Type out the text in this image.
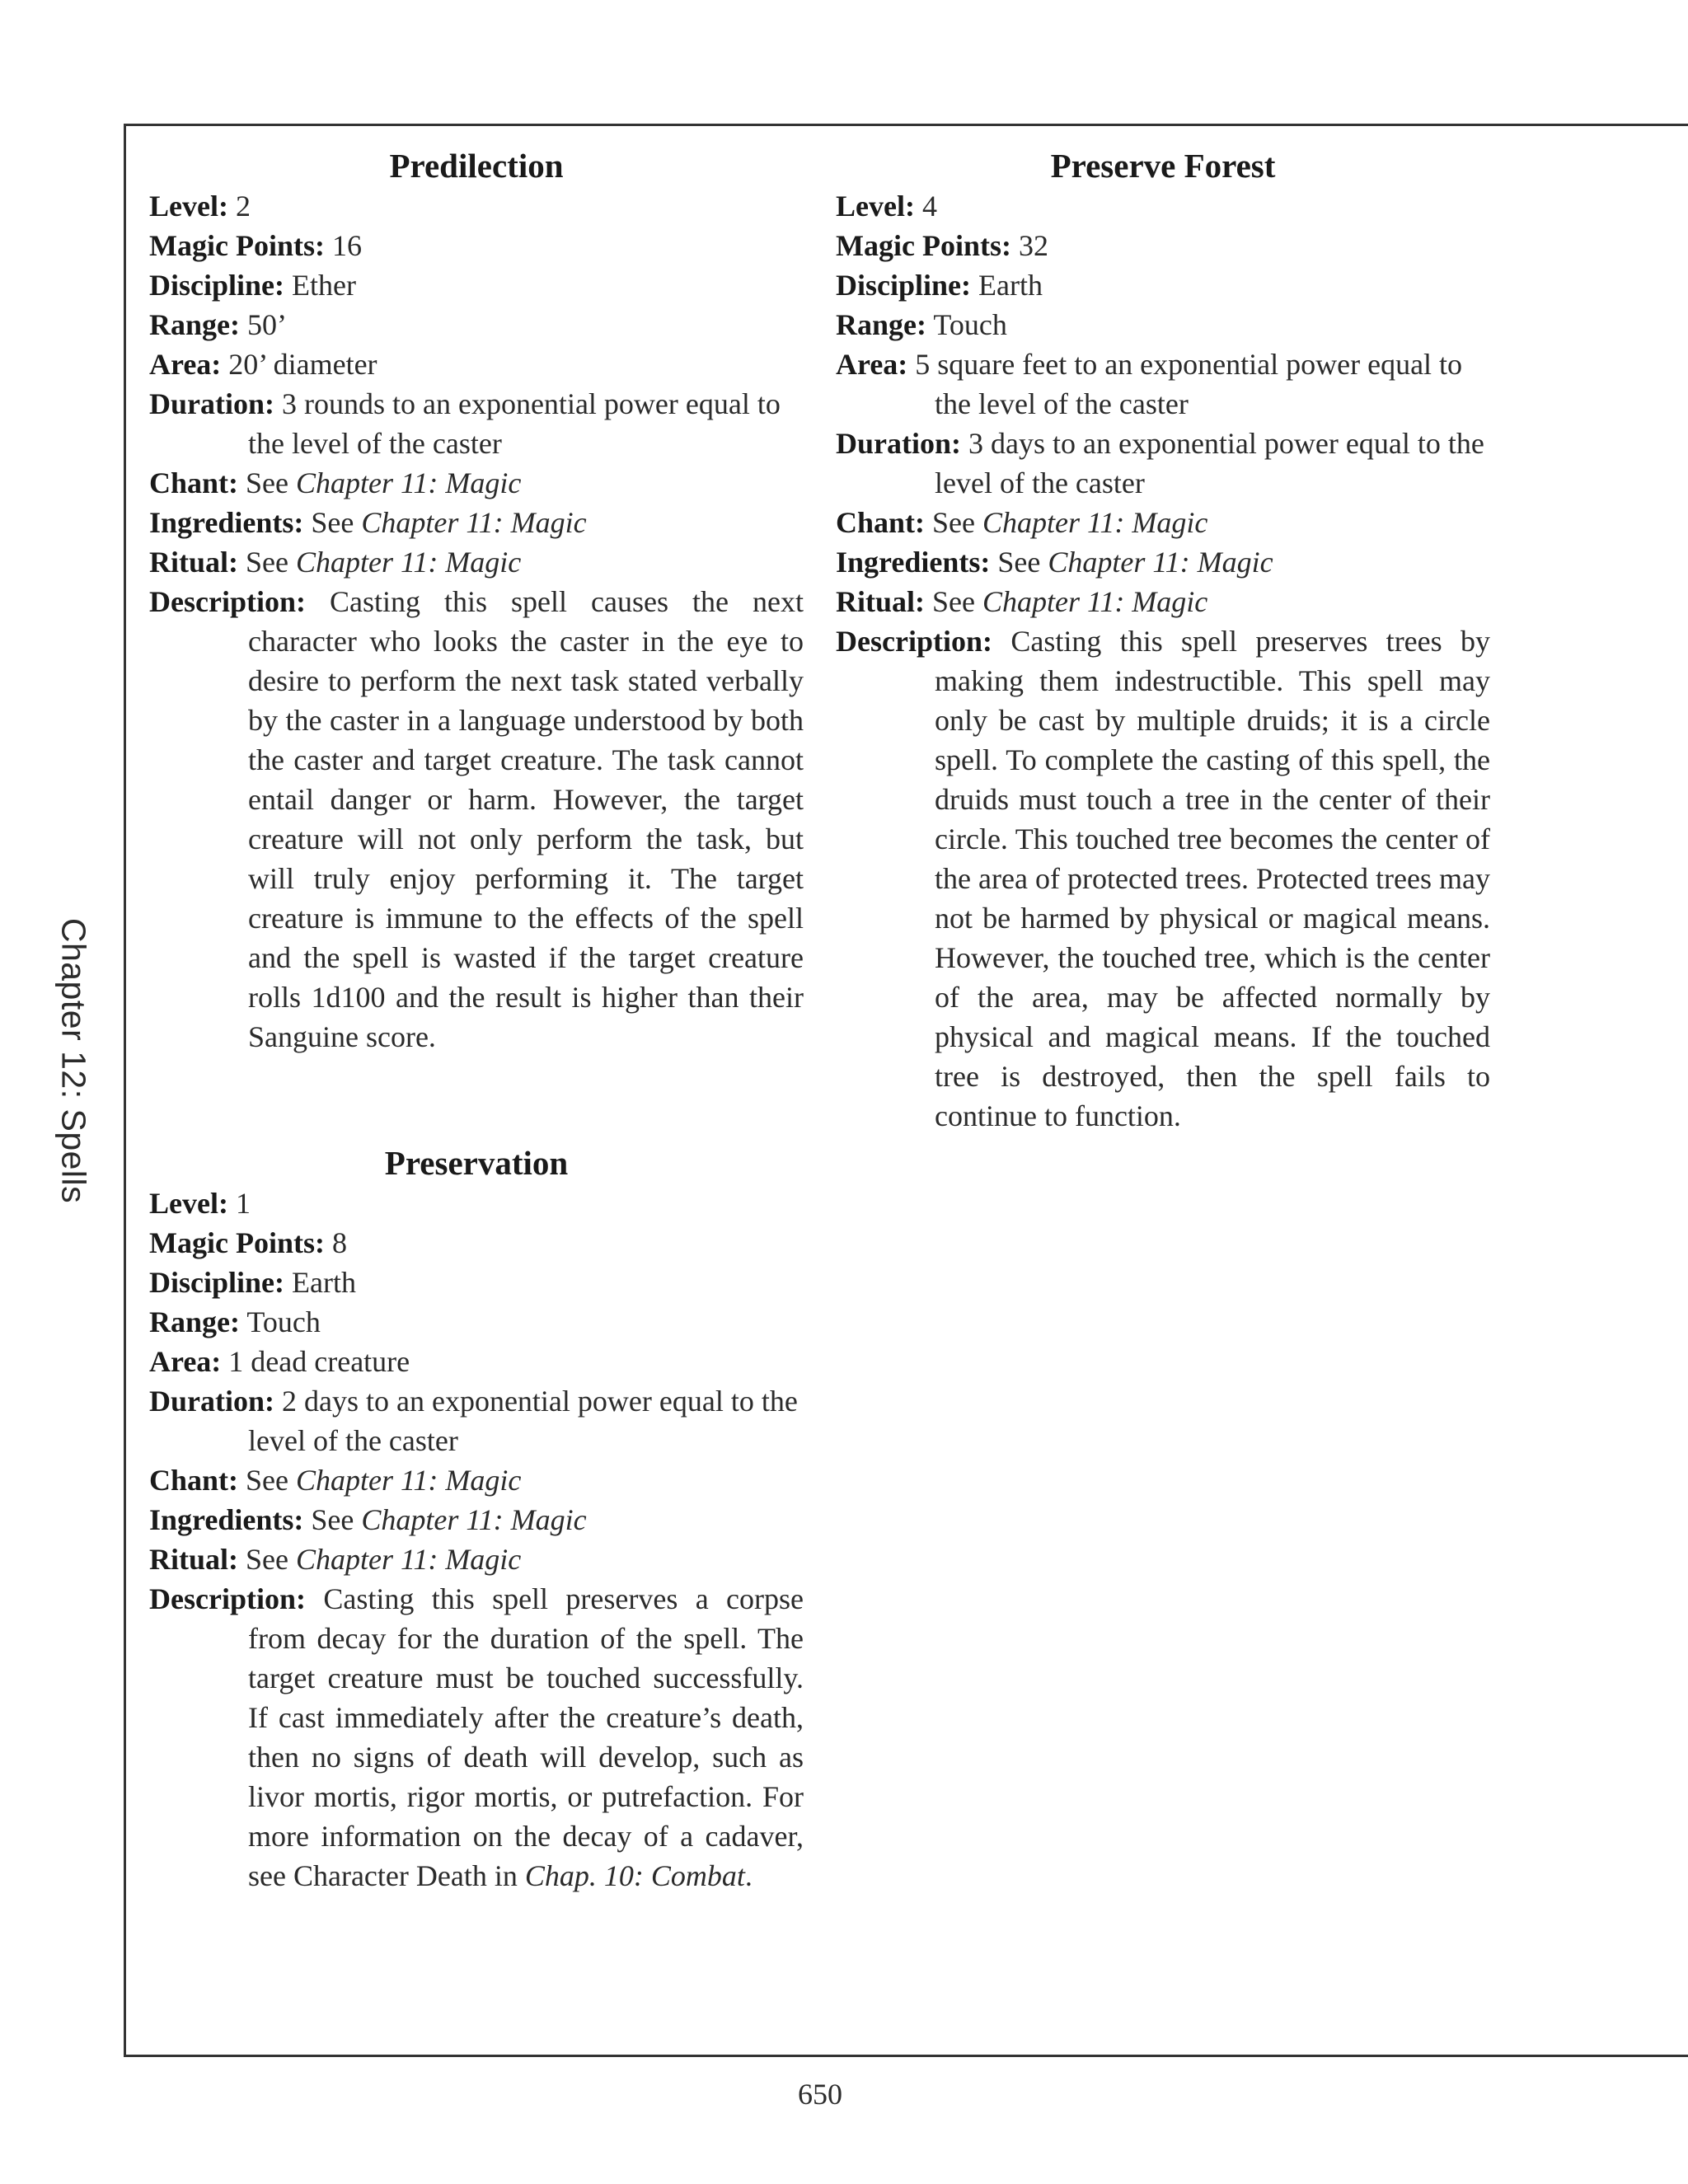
Chapter 12: Spells
Predilection

Level: 2

Magic Points: 16

Discipline: Ether

Range: 50’

Area: 20’ diameter

Duration: 3 rounds to an exponential power equal to the level of the caster

Chant: See Chapter 11: Magic

Ingredients: See Chapter 11: Magic

Ritual: See Chapter 11: Magic

Description: Casting this spell causes the next character who looks the caster in the eye to desire to perform the next task stated verbally by the caster in a language understood by both the caster and target creature. The task cannot entail danger or harm. However, the target creature will not only perform the task, but will truly enjoy performing it. The target creature is immune to the effects of the spell and the spell is wasted if the target creature rolls 1d100 and the result is higher than their Sanguine score.

Preservation

Level: 1

Magic Points: 8

Discipline: Earth

Range: Touch

Area: 1 dead creature

Duration: 2 days to an exponential power equal to the level of the caster

Chant: See Chapter 11: Magic

Ingredients: See Chapter 11: Magic

Ritual: See Chapter 11: Magic

Description: Casting this spell preserves a corpse from decay for the duration of the spell. The target creature must be touched successfully. If cast immediately after the creature’s death, then no signs of death will develop, such as livor mortis, rigor mortis, or putrefaction. For more information on the decay of a cadaver, see Character Death in Chap. 10: Combat.

Preserve Forest

Level: 4

Magic Points: 32

Discipline: Earth

Range: Touch

Area: 5 square feet to an exponential power equal to the level of the caster

Duration: 3 days to an exponential power equal to the level of the caster

Chant: See Chapter 11: Magic

Ingredients: See Chapter 11: Magic

Ritual: See Chapter 11: Magic

Description: Casting this spell preserves trees by making them indestructible. This spell may only be cast by multiple druids; it is a circle spell. To complete the casting of this spell, the druids must touch a tree in the center of their circle. This touched tree becomes the center of the area of protected trees. Protected trees may not be harmed by physical or magical means. However, the touched tree, which is the center of the area, may be affected normally by physical and magical means. If the touched tree is destroyed, then the spell fails to continue to function.

650
